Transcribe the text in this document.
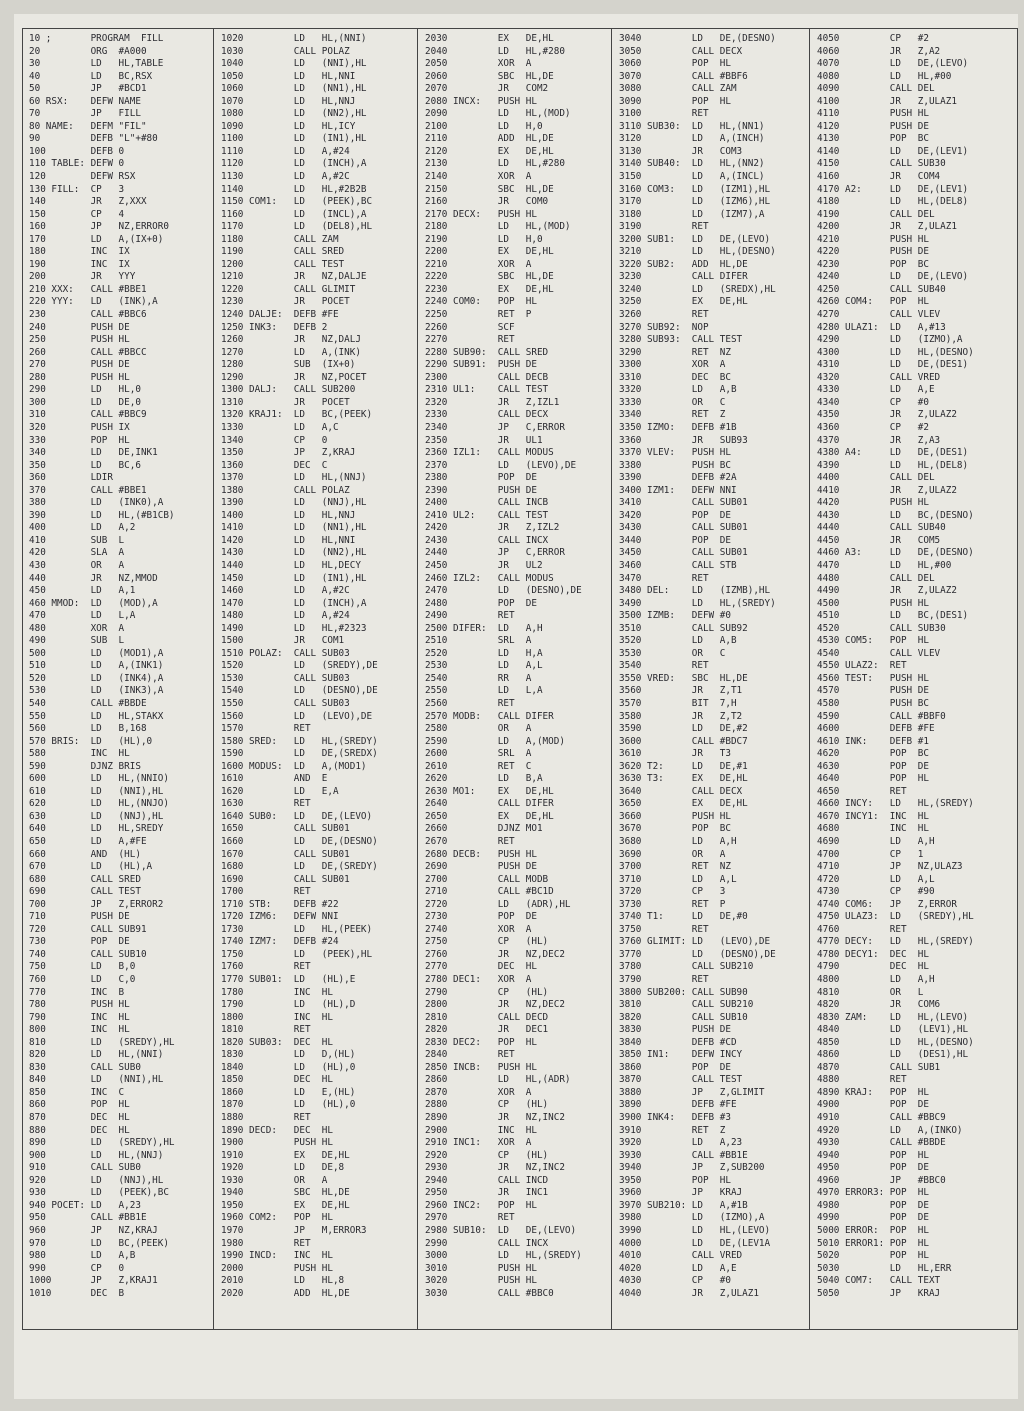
10 ;       PROGRAM  FILL
20         ORG  #A000
30         LD   HL,TABLE
40         LD   BC,RSX
50         JP   #BCD1
60 RSX:    DEFW NAME
70         JP   FILL
80 NAME:   DEFM "FIL"
90         DEFB "L"+#80
100        DEFB 0
110 TABLE: DEFW 0
120        DEFW RSX
130 FILL:  CP   3
140        JR   Z,XXX
150        CP   4
160        JP   NZ,ERROR0
170        LD   A,(IX+0)
180        INC  IX
190        INC  IX
200        JR   YYY
210 XXX:   CALL #BBE1
220 YYY:   LD   (INK),A
230        CALL #BBC6
240        PUSH DE
250        PUSH HL
260        CALL #BBCC
270        PUSH DE
280        PUSH HL
290        LD   HL,0
300        LD   DE,0
310        CALL #BBC9
320        PUSH IX
330        POP  HL
340        LD   DE,INK1
350        LD   BC,6
360        LDIR
370        CALL #BBE1
380        LD   (INK0),A
390        LD   HL,(#B1CB)
400        LD   A,2
410        SUB  L
420        SLA  A
430        OR   A
440        JR   NZ,MMOD
450        LD   A,1
460 MMOD:  LD   (MOD),A
470        LD   L,A
480        XOR  A
490        SUB  L
500        LD   (MOD1),A
510        LD   A,(INK1)
520        LD   (INK4),A
530        LD   (INK3),A
540        CALL #BBDE
550        LD   HL,STAKX
560        LD   B,168
570 BRIS:  LD   (HL),0
580        INC  HL
590        DJNZ BRIS
600        LD   HL,(NNIO)
610        LD   (NNI),HL
620        LD   HL,(NNJO)
630        LD   (NNJ),HL
640        LD   HL,SREDY
650        LD   A,#FE
660        AND  (HL)
670        LD   (HL),A
680        CALL SRED
690        CALL TEST
700        JP   Z,ERROR2
710        PUSH DE
720        CALL SUB91
730        POP  DE
740        CALL SUB10
750        LD   B,0
760        LD   C,0
770        INC  B
780        PUSH HL
790        INC  HL
800        INC  HL
810        LD   (SREDY),HL
820        LD   HL,(NNI)
830        CALL SUB0
840        LD   (NNI),HL
850        INC  C
860        POP  HL
870        DEC  HL
880        DEC  HL
890        LD   (SREDY),HL
900        LD   HL,(NNJ)
910        CALL SUB0
920        LD   (NNJ),HL
930        LD   (PEEK),BC
940 POCET: LD   A,23
950        CALL #BB1E
960        JP   NZ,KRAJ
970        LD   BC,(PEEK)
980        LD   A,B
990        CP   0
1000       JP   Z,KRAJ1
1010       DEC  B
1020         LD   HL,(NNI)
1030         CALL POLAZ
1040         LD   (NNI),HL
1050         LD   HL,NNI
1060         LD   (NN1),HL
1070         LD   HL,NNJ
1080         LD   (NN2),HL
1090         LD   HL,ICY
1100         LD   (IN1),HL
1110         LD   A,#24
1120         LD   (INCH),A
1130         LD   A,#2C
1140         LD   HL,#2B2B
1150 COM1:   LD   (PEEK),BC
1160         LD   (INCL),A
1170         LD   (DEL8),HL
1180         CALL ZAM
1190         CALL SRED
1200         CALL TEST
1210         JR   NZ,DALJE
1220         CALL GLIMIT
1230         JR   POCET
1240 DALJE:  DEFB #FE
1250 INK3:   DEFB 2
1260         JR   NZ,DALJ
1270         LD   A,(INK)
1280         SUB  (IX+0)
1290         JR   NZ,POCET
1300 DALJ:   CALL SUB200
1310         JR   POCET
1320 KRAJ1:  LD   BC,(PEEK)
1330         LD   A,C
1340         CP   0
1350         JP   Z,KRAJ
1360         DEC  C
1370         LD   HL,(NNJ)
1380         CALL POLAZ
1390         LD   (NNJ),HL
1400         LD   HL,NNJ
1410         LD   (NN1),HL
1420         LD   HL,NNI
1430         LD   (NN2),HL
1440         LD   HL,DECY
1450         LD   (IN1),HL
1460         LD   A,#2C
1470         LD   (INCH),A
1480         LD   A,#24
1490         LD   HL,#2323
1500         JR   COM1
1510 POLAZ:  CALL SUB03
1520         LD   (SREDY),DE
1530         CALL SUB03
1540         LD   (DESNO),DE
1550         CALL SUB03
1560         LD   (LEVO),DE
1570         RET
1580 SRED:   LD   HL,(SREDY)
1590         LD   DE,(SREDX)
1600 MODUS:  LD   A,(MOD1)
1610         AND  E
1620         LD   E,A
1630         RET
1640 SUB0:   LD   DE,(LEVO)
1650         CALL SUB01
1660         LD   DE,(DESNO)
1670         CALL SUB01
1680         LD   DE,(SREDY)
1690         CALL SUB01
1700         RET
1710 STB:    DEFB #22
1720 IZM6:   DEFW NNI
1730         LD   HL,(PEEK)
1740 IZM7:   DEFB #24
1750         LD   (PEEK),HL
1760         RET
1770 SUB01:  LD   (HL),E
1780         INC  HL
1790         LD   (HL),D
1800         INC  HL
1810         RET
1820 SUB03:  DEC  HL
1830         LD   D,(HL)
1840         LD   (HL),0
1850         DEC  HL
1860         LD   E,(HL)
1870         LD   (HL),0
1880         RET
1890 DECD:   DEC  HL
1900         PUSH HL
1910         EX   DE,HL
1920         LD   DE,8
1930         OR   A
1940         SBC  HL,DE
1950         EX   DE,HL
1960 COM2:   POP  HL
1970         JP   M,ERROR3
1980         RET
1990 INCD:   INC  HL
2000         PUSH HL
2010         LD   HL,8
2020         ADD  HL,DE
2030         EX   DE,HL
2040         LD   HL,#280
2050         XOR  A
2060         SBC  HL,DE
2070         JR   COM2
2080 INCX:   PUSH HL
2090         LD   HL,(MOD)
2100         LD   H,0
2110         ADD  HL,DE
2120         EX   DE,HL
2130         LD   HL,#280
2140         XOR  A
2150         SBC  HL,DE
2160         JR   COM0
2170 DECX:   PUSH HL
2180         LD   HL,(MOD)
2190         LD   H,0
2200         EX   DE,HL
2210         XOR  A
2220         SBC  HL,DE
2230         EX   DE,HL
2240 COM0:   POP  HL
2250         RET  P
2260         SCF
2270         RET
2280 SUB90:  CALL SRED
2290 SUB91:  PUSH DE
2300         CALL DECB
2310 UL1:    CALL TEST
2320         JR   Z,IZL1
2330         CALL DECX
2340         JP   C,ERROR
2350         JR   UL1
2360 IZL1:   CALL MODUS
2370         LD   (LEVO),DE
2380         POP  DE
2390         PUSH DE
2400         CALL INCB
2410 UL2:    CALL TEST
2420         JR   Z,IZL2
2430         CALL INCX
2440         JP   C,ERROR
2450         JR   UL2
2460 IZL2:   CALL MODUS
2470         LD   (DESNO),DE
2480         POP  DE
2490         RET
2500 DIFER:  LD   A,H
2510         SRL  A
2520         LD   H,A
2530         LD   A,L
2540         RR   A
2550         LD   L,A
2560         RET
2570 MODB:   CALL DIFER
2580         OR   A
2590         LD   A,(MOD)
2600         SRL  A
2610         RET  C
2620         LD   B,A
2630 MO1:    EX   DE,HL
2640         CALL DIFER
2650         EX   DE,HL
2660         DJNZ MO1
2670         RET
2680 DECB:   PUSH HL
2690         PUSH DE
2700         CALL MODB
2710         CALL #BC1D
2720         LD   (ADR),HL
2730         POP  DE
2740         XOR  A
2750         CP   (HL)
2760         JR   NZ,DEC2
2770         DEC  HL
2780 DEC1:   XOR  A
2790         CP   (HL)
2800         JR   NZ,DEC2
2810         CALL DECD
2820         JR   DEC1
2830 DEC2:   POP  HL
2840         RET
2850 INCB:   PUSH HL
2860         LD   HL,(ADR)
2870         XOR  A
2880         CP   (HL)
2890         JR   NZ,INC2
2900         INC  HL
2910 INC1:   XOR  A
2920         CP   (HL)
2930         JR   NZ,INC2
2940         CALL INCD
2950         JR   INC1
2960 INC2:   POP  HL
2970         RET
2980 SUB10:  LD   DE,(LEVO)
2990         CALL INCX
3000         LD   HL,(SREDY)
3010         PUSH HL
3020         PUSH HL
3030         CALL #BBC0
3040         LD   DE,(DESNO)
3050         CALL DECX
3060         POP  HL
3070         CALL #BBF6
3080         CALL ZAM
3090         POP  HL
3100         RET
3110 SUB30:  LD   HL,(NN1)
3120         LD   A,(INCH)
3130         JR   COM3
3140 SUB40:  LD   HL,(NN2)
3150         LD   A,(INCL)
3160 COM3:   LD   (IZM1),HL
3170         LD   (IZM6),HL
3180         LD   (IZM7),A
3190         RET
3200 SUB1:   LD   DE,(LEVO)
3210         LD   HL,(DESNO)
3220 SUB2:   ADD  HL,DE
3230         CALL DIFER
3240         LD   (SREDX),HL
3250         EX   DE,HL
3260         RET
3270 SUB92:  NOP
3280 SUB93:  CALL TEST
3290         RET  NZ
3300         XOR  A
3310         DEC  BC
3320         LD   A,B
3330         OR   C
3340         RET  Z
3350 IZMO:   DEFB #1B
3360         JR   SUB93
3370 VLEV:   PUSH HL
3380         PUSH BC
3390         DEFB #2A
3400 IZM1:   DEFW NNI
3410         CALL SUB01
3420         POP  DE
3430         CALL SUB01
3440         POP  DE
3450         CALL SUB01
3460         CALL STB
3470         RET
3480 DEL:    LD   (IZMB),HL
3490         LD   HL,(SREDY)
3500 IZMB:   DEFW #0
3510         CALL SUB92
3520         LD   A,B
3530         OR   C
3540         RET
3550 VRED:   SBC  HL,DE
3560         JR   Z,T1
3570         BIT  7,H
3580         JR   Z,T2
3590         LD   DE,#2
3600         CALL #BDC7
3610         JR   T3
3620 T2:     LD   DE,#1
3630 T3:     EX   DE,HL
3640         CALL DECX
3650         EX   DE,HL
3660         PUSH HL
3670         POP  BC
3680         LD   A,H
3690         OR   A
3700         RET  NZ
3710         LD   A,L
3720         CP   3
3730         RET  P
3740 T1:     LD   DE,#0
3750         RET
3760 GLIMIT: LD   (LEVO),DE
3770         LD   (DESNO),DE
3780         CALL SUB210
3790         RET
3800 SUB200: CALL SUB90
3810         CALL SUB210
3820         CALL SUB10
3830         PUSH DE
3840         DEFB #CD
3850 IN1:    DEFW INCY
3860         POP  DE
3870         CALL TEST
3880         JP   Z,GLIMIT
3890         DEFB #FE
3900 INK4:   DEFB #3
3910         RET  Z
3920         LD   A,23
3930         CALL #BB1E
3940         JP   Z,SUB200
3950         POP  HL
3960         JP   KRAJ
3970 SUB210: LD   A,#1B
3980         LD   (IZMO),A
3990         LD   HL,(LEVO)
4000         LD   DE,(LEV1A
4010         CALL VRED
4020         LD   A,E
4030         CP   #0
4040         JR   Z,ULAZ1
4050         CP   #2
4060         JR   Z,A2
4070         LD   DE,(LEVO)
4080         LD   HL,#00
4090         CALL DEL
4100         JR   Z,ULAZ1
4110         PUSH HL
4120         PUSH DE
4130         POP  BC
4140         LD   DE,(LEV1)
4150         CALL SUB30
4160         JR   COM4
4170 A2:     LD   DE,(LEV1)
4180         LD   HL,(DEL8)
4190         CALL DEL
4200         JR   Z,ULAZ1
4210         PUSH HL
4220         PUSH DE
4230         POP  BC
4240         LD   DE,(LEVO)
4250         CALL SUB40
4260 COM4:   POP  HL
4270         CALL VLEV
4280 ULAZ1:  LD   A,#13
4290         LD   (IZMO),A
4300         LD   HL,(DESNO)
4310         LD   DE,(DES1)
4320         CALL VRED
4330         LD   A,E
4340         CP   #0
4350         JR   Z,ULAZ2
4360         CP   #2
4370         JR   Z,A3
4380 A4:     LD   DE,(DES1)
4390         LD   HL,(DEL8)
4400         CALL DEL
4410         JR   Z,ULAZ2
4420         PUSH HL
4430         LD   BC,(DESNO)
4440         CALL SUB40
4450         JR   COM5
4460 A3:     LD   DE,(DESNO)
4470         LD   HL,#00
4480         CALL DEL
4490         JR   Z,ULAZ2
4500         PUSH HL
4510         LD   BC,(DES1)
4520         CALL SUB30
4530 COM5:   POP  HL
4540         CALL VLEV
4550 ULAZ2:  RET
4560 TEST:   PUSH HL
4570         PUSH DE
4580         PUSH BC
4590         CALL #BBF0
4600         DEFB #FE
4610 INK:    DEFB #1
4620         POP  BC
4630         POP  DE
4640         POP  HL
4650         RET
4660 INCY:   LD   HL,(SREDY)
4670 INCY1:  INC  HL
4680         INC  HL
4690         LD   A,H
4700         CP   1
4710         JP   NZ,ULAZ3
4720         LD   A,L
4730         CP   #90
4740 COM6:   JP   Z,ERROR
4750 ULAZ3:  LD   (SREDY),HL
4760         RET
4770 DECY:   LD   HL,(SREDY)
4780 DECY1:  DEC  HL
4790         DEC  HL
4800         LD   A,H
4810         OR   L
4820         JR   COM6
4830 ZAM:    LD   HL,(LEVO)
4840         LD   (LEV1),HL
4850         LD   HL,(DESNO)
4860         LD   (DES1),HL
4870         CALL SUB1
4880         RET
4890 KRAJ:   POP  HL
4900         POP  DE
4910         CALL #BBC9
4920         LD   A,(INKO)
4930         CALL #BBDE
4940         POP  HL
4950         POP  DE
4960         JP   #BBC0
4970 ERROR3: POP  HL
4980         POP  DE
4990         POP  DE
5000 ERROR:  POP  HL
5010 ERROR1: POP  HL
5020         POP  HL
5030         LD   HL,ERR
5040 COM7:   CALL TEXT
5050         JP   KRAJ
